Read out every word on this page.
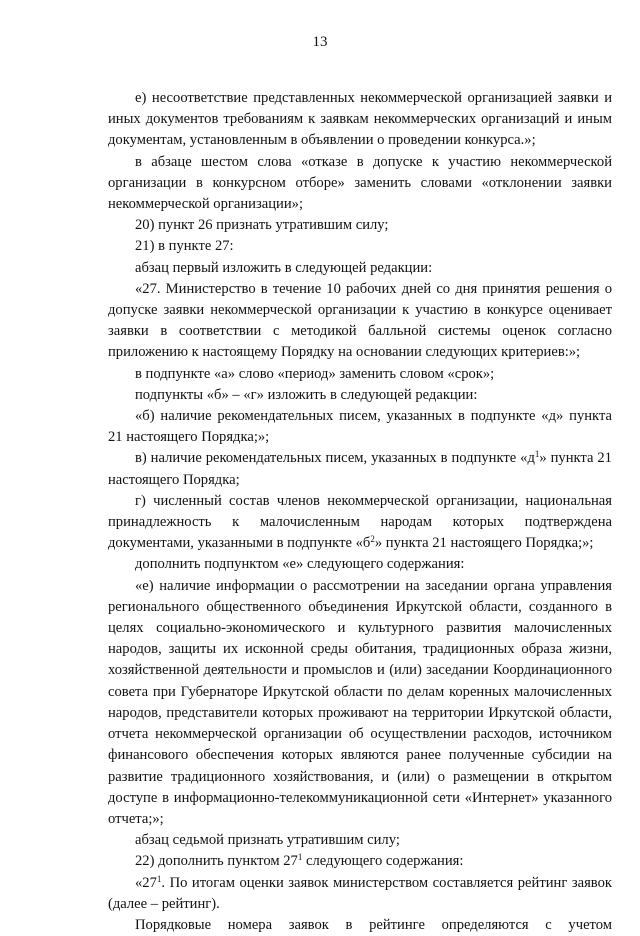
13

е) несоответствие представленных некоммерческой организацией заявки и иных документов требованиям к заявкам некоммерческих организаций и иным документам, установленным в объявлении о проведении конкурса.»;

в абзаце шестом слова «отказе в допуске к участию некоммерческой организации в конкурсном отборе» заменить словами «отклонении заявки некоммерческой организации»;

20) пункт 26 признать утратившим силу;

21) в пункте 27:

абзац первый изложить в следующей редакции:

«27. Министерство в течение 10 рабочих дней со дня принятия решения о допуске заявки некоммерческой организации к участию в конкурсе оценивает заявки в соответствии с методикой балльной системы оценок согласно приложению к настоящему Порядку на основании следующих критериев:»;

в подпункте «а» слово «период» заменить словом «срок»;

подпункты «б» – «г» изложить в следующей редакции:

«б) наличие рекомендательных писем, указанных в подпункте «д» пункта 21 настоящего Порядка;»;

в) наличие рекомендательных писем, указанных в подпункте «$д^1$» пункта 21 настоящего Порядка;

г) численный состав членов некоммерческой организации, национальная принадлежность к малочисленным народам которых подтверждена документами, указанными в подпункте «$б^2$» пункта 21 настоящего Порядка;»;

дополнить подпунктом «е» следующего содержания:

«е) наличие информации о рассмотрении на заседании органа управления регионального общественного объединения Иркутской области, созданного в целях социально-экономического и культурного развития малочисленных народов, защиты их исконной среды обитания, традиционных образа жизни, хозяйственной деятельности и промыслов и (или) заседании Координационного совета при Губернаторе Иркутской области по делам коренных малочисленных народов, представители которых проживают на территории Иркутской области, отчета некоммерческой организации об осуществлении расходов, источником финансового обеспечения которых являются ранее полученные субсидии на развитие традиционного хозяйствования, и (или) о размещении в открытом доступе в информационно-телекоммуникационной сети «Интернет» указанного отчета;»;

абзац седьмой признать утратившим силу;

22) дополнить пунктом $27^1$ следующего содержания:

«$27^1$. По итогам оценки заявок министерством составляется рейтинг заявок (далее – рейтинг).

Порядковые номера заявок в рейтинге определяются с учетом
